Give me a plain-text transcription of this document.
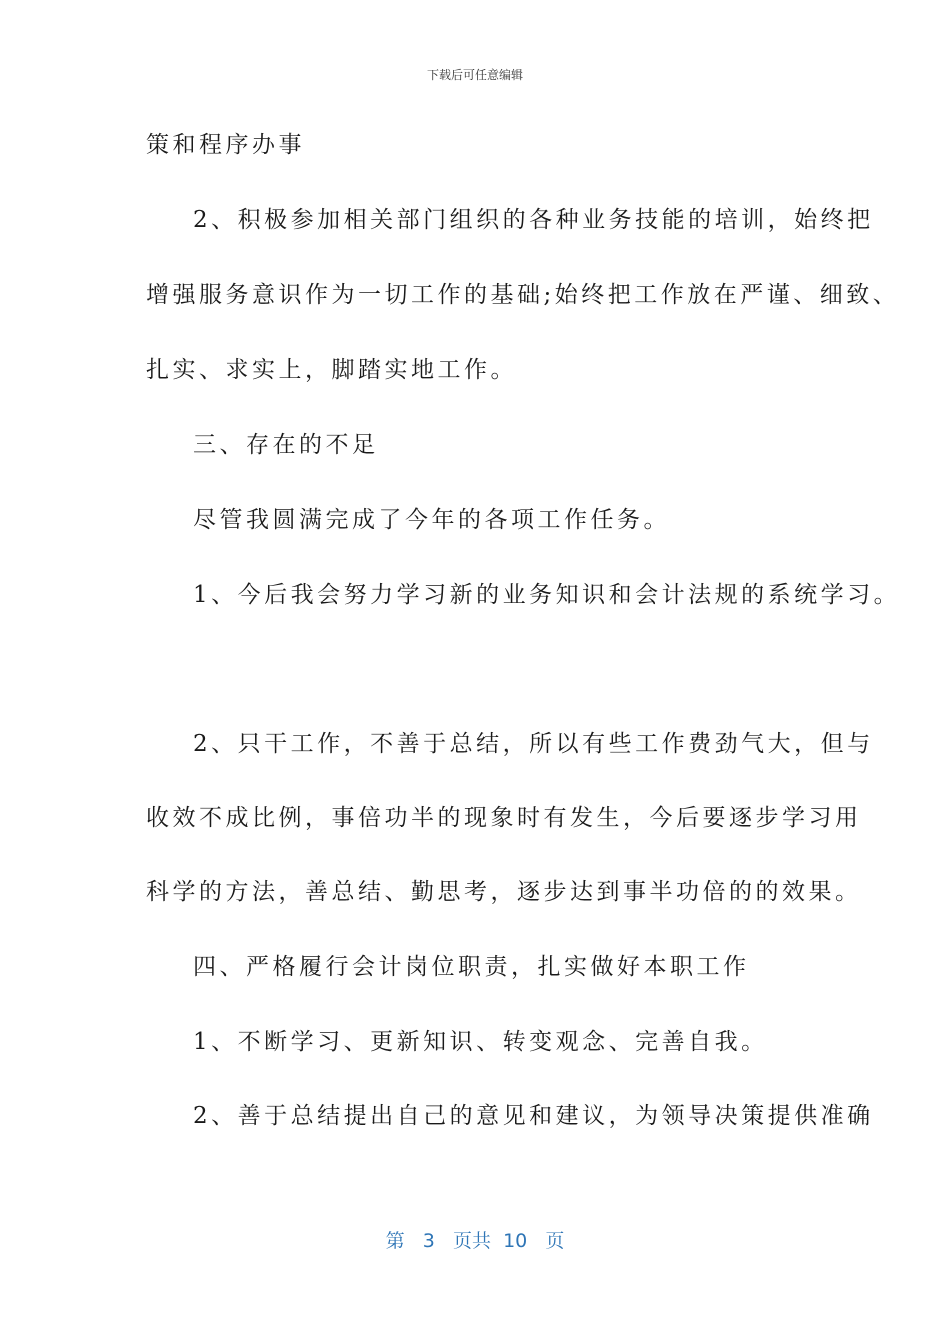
下载后可任意编辑
策和程序办事
2、积极参加相关部门组织的各种业务技能的培训，始终把
增强服务意识作为一切工作的基础;始终把工作放在严谨、细致、
扎实、求实上，脚踏实地工作。
三、存在的不足
尽管我圆满完成了今年的各项工作任务。
1、今后我会努力学习新的业务知识和会计法规的系统学习。
2、只干工作，不善于总结，所以有些工作费劲气大，但与
收效不成比例，事倍功半的现象时有发生，今后要逐步学习用
科学的方法，善总结、勤思考，逐步达到事半功倍的的效果。
四、严格履行会计岗位职责，扎实做好本职工作
1、不断学习、更新知识、转变观念、完善自我。
2、善于总结提出自己的意见和建议，为领导决策提供准确
第 3 页共 10 页
